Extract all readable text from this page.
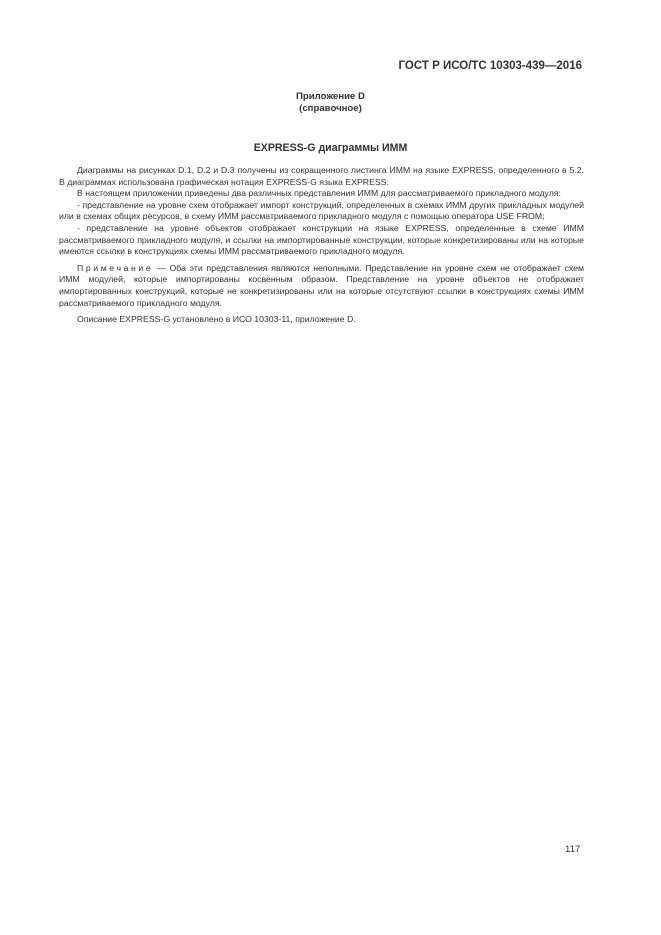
ГОСТ Р ИСО/ТС 10303-439—2016
Приложение D
(справочное)
EXPRESS-G диаграммы ИММ

Диаграммы на рисунках D.1, D.2 и D.3 получены из сокращенного листинга ИММ на языке EXPRESS, определенного в 5.2. В диаграммах использована графическая нотация EXPRESS-G языка EXPRESS.

В настоящем приложении приведены два различных представления ИММ для рассматриваемого прикладного модуля:

- представление на уровне схем отображает импорт конструкций, определенных в схемах ИММ других прикладных модулей или в схемах общих ресурсов, в схему ИММ рассматриваемого прикладного модуля с помощью оператора USE FROM;

- представление на уровне объектов отображает конструкции на языке EXPRESS, определенные в схеме ИММ рассматриваемого прикладного модуля, и ссылки на импортированные конструкции, которые конкретизированы или на которые имеются ссылки в конструкциях схемы ИММ рассматриваемого прикладного модуля.

Примечание — Оба эти представления являются неполными. Представление на уровне схем не отображает схем ИММ модулей, которые импортированы косвенным образом. Представление на уровне объектов не отображает импортированных конструкций, которые не конкретизированы или на которые отсутствуют ссылки в конструкциях схемы ИММ рассматриваемого прикладного модуля.

Описание EXPRESS-G установлено в ИСО 10303-11, приложение D.

117
